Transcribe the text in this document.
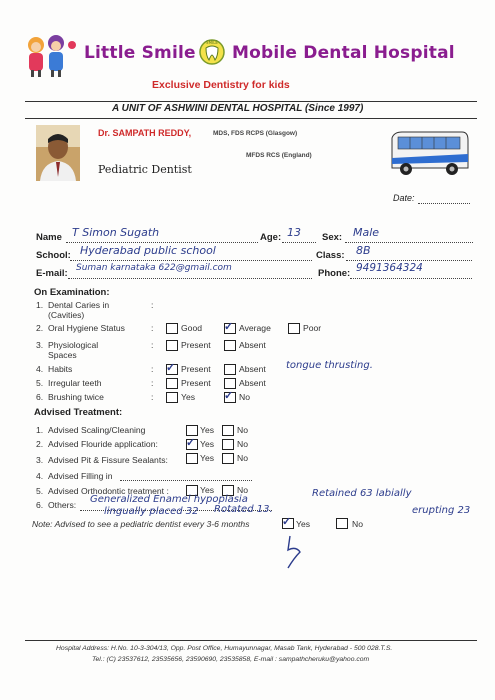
Little Smile
SMILE
Mobile Dental Hospital
Exclusive Dentistry for kids
A UNIT OF ASHWINI DENTAL HOSPITAL (Since 1997)
Dr. SAMPATH REDDY,	MDS, FDS RCPS (Glasgow)
MFDS RCS (England)
Pediatric Dentist
Date:
Name T Simon Sugath	Age: 13 Sex: Male
School: Hyderabad public school	Class: 8B
E-mail: Suman karnataka 622@gmail.com	Phone: 9491364324
On Examination:
1. Dental Caries in
(Cavities)
:
2. Oral Hygiene Status	:	Good ✓ Average	Poor
3. Physiological
Spaces
:	Present	Absent
4. Habits	: ✓ Present	Absent tongue thrusting.
5. Irregular teeth	:	Present	Absent
6. Brushing twice	:	Yes	✓ No
Advised Treatment:
1. Advised Scaling/Cleaning	Yes	No
2. Advised Flouride application:	✓ Yes	No
3. Advised Pit & Fissure Sealants:	Yes	No
4. Advised Filling in
5. Advised Orthodontic treatment :	Yes	No
6. Others: Generalized Enamel hypoplasia
Retained 63 labially
erupting 23
lingually placed 32 Rotated 13.
Note: Advised to see a pediatric dentist every 3-6 months	✓ Yes	No
Hospital Address: H.No. 10-3-304/13, Opp. Post Office, Humayunnagar, Masab Tank, Hyderabad - 500 028.T.S.
Tel.: (C) 23537612, 23535656, 23590690, 23535858, E-mail : sampathcheruku@yahoo.com
